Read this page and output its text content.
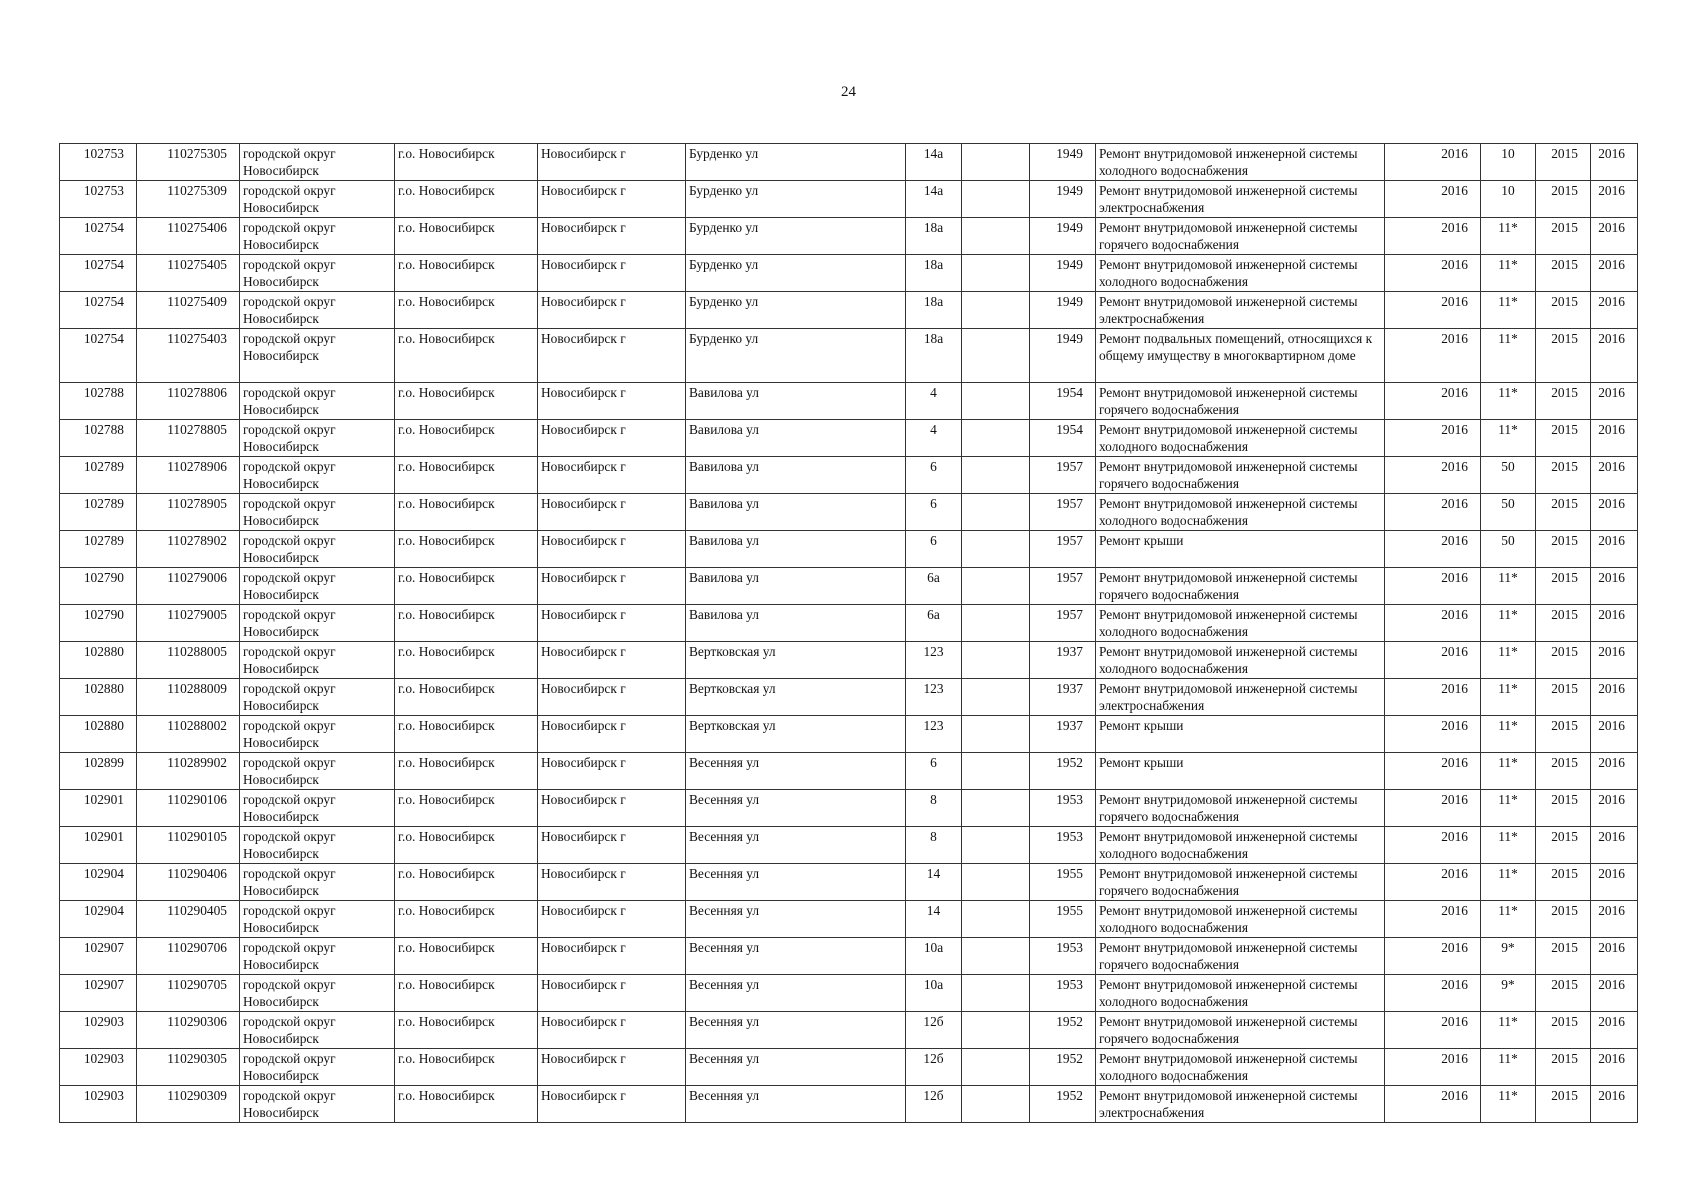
24
102753	110275305	городской округ Новосибирск	г.о. Новосибирск	Новосибирск г	Бурденко ул	14а		1949	Ремонт внутридомовой инженерной системы холодного водоснабжения	2016	10	2015	2016
102753	110275309	городской округ Новосибирск	г.о. Новосибирск	Новосибирск г	Бурденко ул	14а		1949	Ремонт внутридомовой инженерной системы электроснабжения	2016	10	2015	2016
102754	110275406	городской округ Новосибирск	г.о. Новосибирск	Новосибирск г	Бурденко ул	18а		1949	Ремонт внутридомовой инженерной системы горячего водоснабжения	2016	11*	2015	2016
102754	110275405	городской округ Новосибирск	г.о. Новосибирск	Новосибирск г	Бурденко ул	18а		1949	Ремонт внутридомовой инженерной системы холодного водоснабжения	2016	11*	2015	2016
102754	110275409	городской округ Новосибирск	г.о. Новосибирск	Новосибирск г	Бурденко ул	18а		1949	Ремонт внутридомовой инженерной системы электроснабжения	2016	11*	2015	2016
102754	110275403	городской округ Новосибирск	г.о. Новосибирск	Новосибирск г	Бурденко ул	18а		1949	Ремонт подвальных помещений, относящихся к общему имуществу в многоквартирном доме	2016	11*	2015	2016
102788	110278806	городской округ Новосибирск	г.о. Новосибирск	Новосибирск г	Вавилова ул	4		1954	Ремонт внутридомовой инженерной системы горячего водоснабжения	2016	11*	2015	2016
102788	110278805	городской округ Новосибирск	г.о. Новосибирск	Новосибирск г	Вавилова ул	4		1954	Ремонт внутридомовой инженерной системы холодного водоснабжения	2016	11*	2015	2016
102789	110278906	городской округ Новосибирск	г.о. Новосибирск	Новосибирск г	Вавилова ул	6		1957	Ремонт внутридомовой инженерной системы горячего водоснабжения	2016	50	2015	2016
102789	110278905	городской округ Новосибирск	г.о. Новосибирск	Новосибирск г	Вавилова ул	6		1957	Ремонт внутридомовой инженерной системы холодного водоснабжения	2016	50	2015	2016
102789	110278902	городской округ Новосибирск	г.о. Новосибирск	Новосибирск г	Вавилова ул	6		1957	Ремонт крыши	2016	50	2015	2016
102790	110279006	городской округ Новосибирск	г.о. Новосибирск	Новосибирск г	Вавилова ул	6а		1957	Ремонт внутридомовой инженерной системы горячего водоснабжения	2016	11*	2015	2016
102790	110279005	городской округ Новосибирск	г.о. Новосибирск	Новосибирск г	Вавилова ул	6а		1957	Ремонт внутридомовой инженерной системы холодного водоснабжения	2016	11*	2015	2016
102880	110288005	городской округ Новосибирск	г.о. Новосибирск	Новосибирск г	Вертковская ул	123		1937	Ремонт внутридомовой инженерной системы холодного водоснабжения	2016	11*	2015	2016
102880	110288009	городской округ Новосибирск	г.о. Новосибирск	Новосибирск г	Вертковская ул	123		1937	Ремонт внутридомовой инженерной системы электроснабжения	2016	11*	2015	2016
102880	110288002	городской округ Новосибирск	г.о. Новосибирск	Новосибирск г	Вертковская ул	123		1937	Ремонт крыши	2016	11*	2015	2016
102899	110289902	городской округ Новосибирск	г.о. Новосибирск	Новосибирск г	Весенняя ул	6		1952	Ремонт крыши	2016	11*	2015	2016
102901	110290106	городской округ Новосибирск	г.о. Новосибирск	Новосибирск г	Весенняя ул	8		1953	Ремонт внутридомовой инженерной системы горячего водоснабжения	2016	11*	2015	2016
102901	110290105	городской округ Новосибирск	г.о. Новосибирск	Новосибирск г	Весенняя ул	8		1953	Ремонт внутридомовой инженерной системы холодного водоснабжения	2016	11*	2015	2016
102904	110290406	городской округ Новосибирск	г.о. Новосибирск	Новосибирск г	Весенняя ул	14		1955	Ремонт внутридомовой инженерной системы горячего водоснабжения	2016	11*	2015	2016
102904	110290405	городской округ Новосибирск	г.о. Новосибирск	Новосибирск г	Весенняя ул	14		1955	Ремонт внутридомовой инженерной системы холодного водоснабжения	2016	11*	2015	2016
102907	110290706	городской округ Новосибирск	г.о. Новосибирск	Новосибирск г	Весенняя ул	10а		1953	Ремонт внутридомовой инженерной системы горячего водоснабжения	2016	9*	2015	2016
102907	110290705	городской округ Новосибирск	г.о. Новосибирск	Новосибирск г	Весенняя ул	10а		1953	Ремонт внутридомовой инженерной системы холодного водоснабжения	2016	9*	2015	2016
102903	110290306	городской округ Новосибирск	г.о. Новосибирск	Новосибирск г	Весенняя ул	12б		1952	Ремонт внутридомовой инженерной системы горячего водоснабжения	2016	11*	2015	2016
102903	110290305	городской округ Новосибирск	г.о. Новосибирск	Новосибирск г	Весенняя ул	12б		1952	Ремонт внутридомовой инженерной системы холодного водоснабжения	2016	11*	2015	2016
102903	110290309	городской округ Новосибирск	г.о. Новосибирск	Новосибирск г	Весенняя ул	12б		1952	Ремонт внутридомовой инженерной системы электроснабжения	2016	11*	2015	2016
